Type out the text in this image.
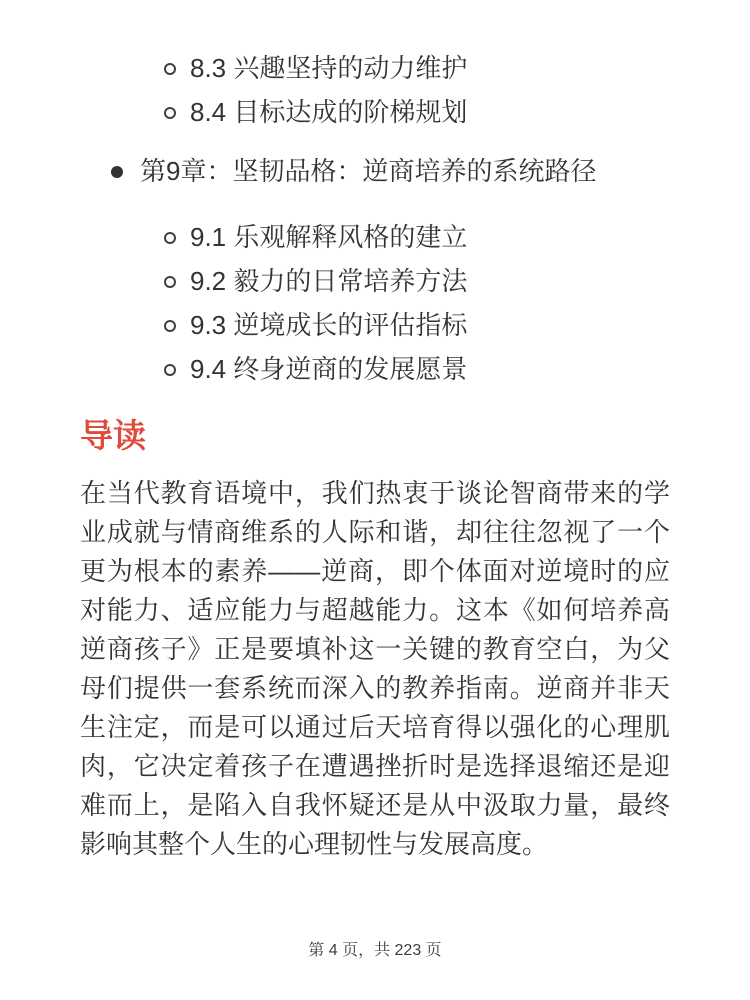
8.3 兴趣坚持的动力维护
8.4 目标达成的阶梯规划
第9章：坚韧品格：逆商培养的系统路径
9.1 乐观解释风格的建立
9.2 毅力的日常培养方法
9.3 逆境成长的评估指标
9.4 终身逆商的发展愿景
导读

在当代教育语境中，我们热衷于谈论智商带来的学业成就与情商维系的人际和谐，却往往忽视了一个更为根本的素养——逆商，即个体面对逆境时的应对能力、适应能力与超越能力。这本《如何培养高逆商孩子》正是要填补这一关键的教育空白，为父母们提供一套系统而深入的教养指南。逆商并非天生注定，而是可以通过后天培育得以强化的心理肌肉，它决定着孩子在遭遇挫折时是选择退缩还是迎难而上，是陷入自我怀疑还是从中汲取力量，最终影响其整个人生的心理韧性与发展高度。

第 4 页，共 223 页
